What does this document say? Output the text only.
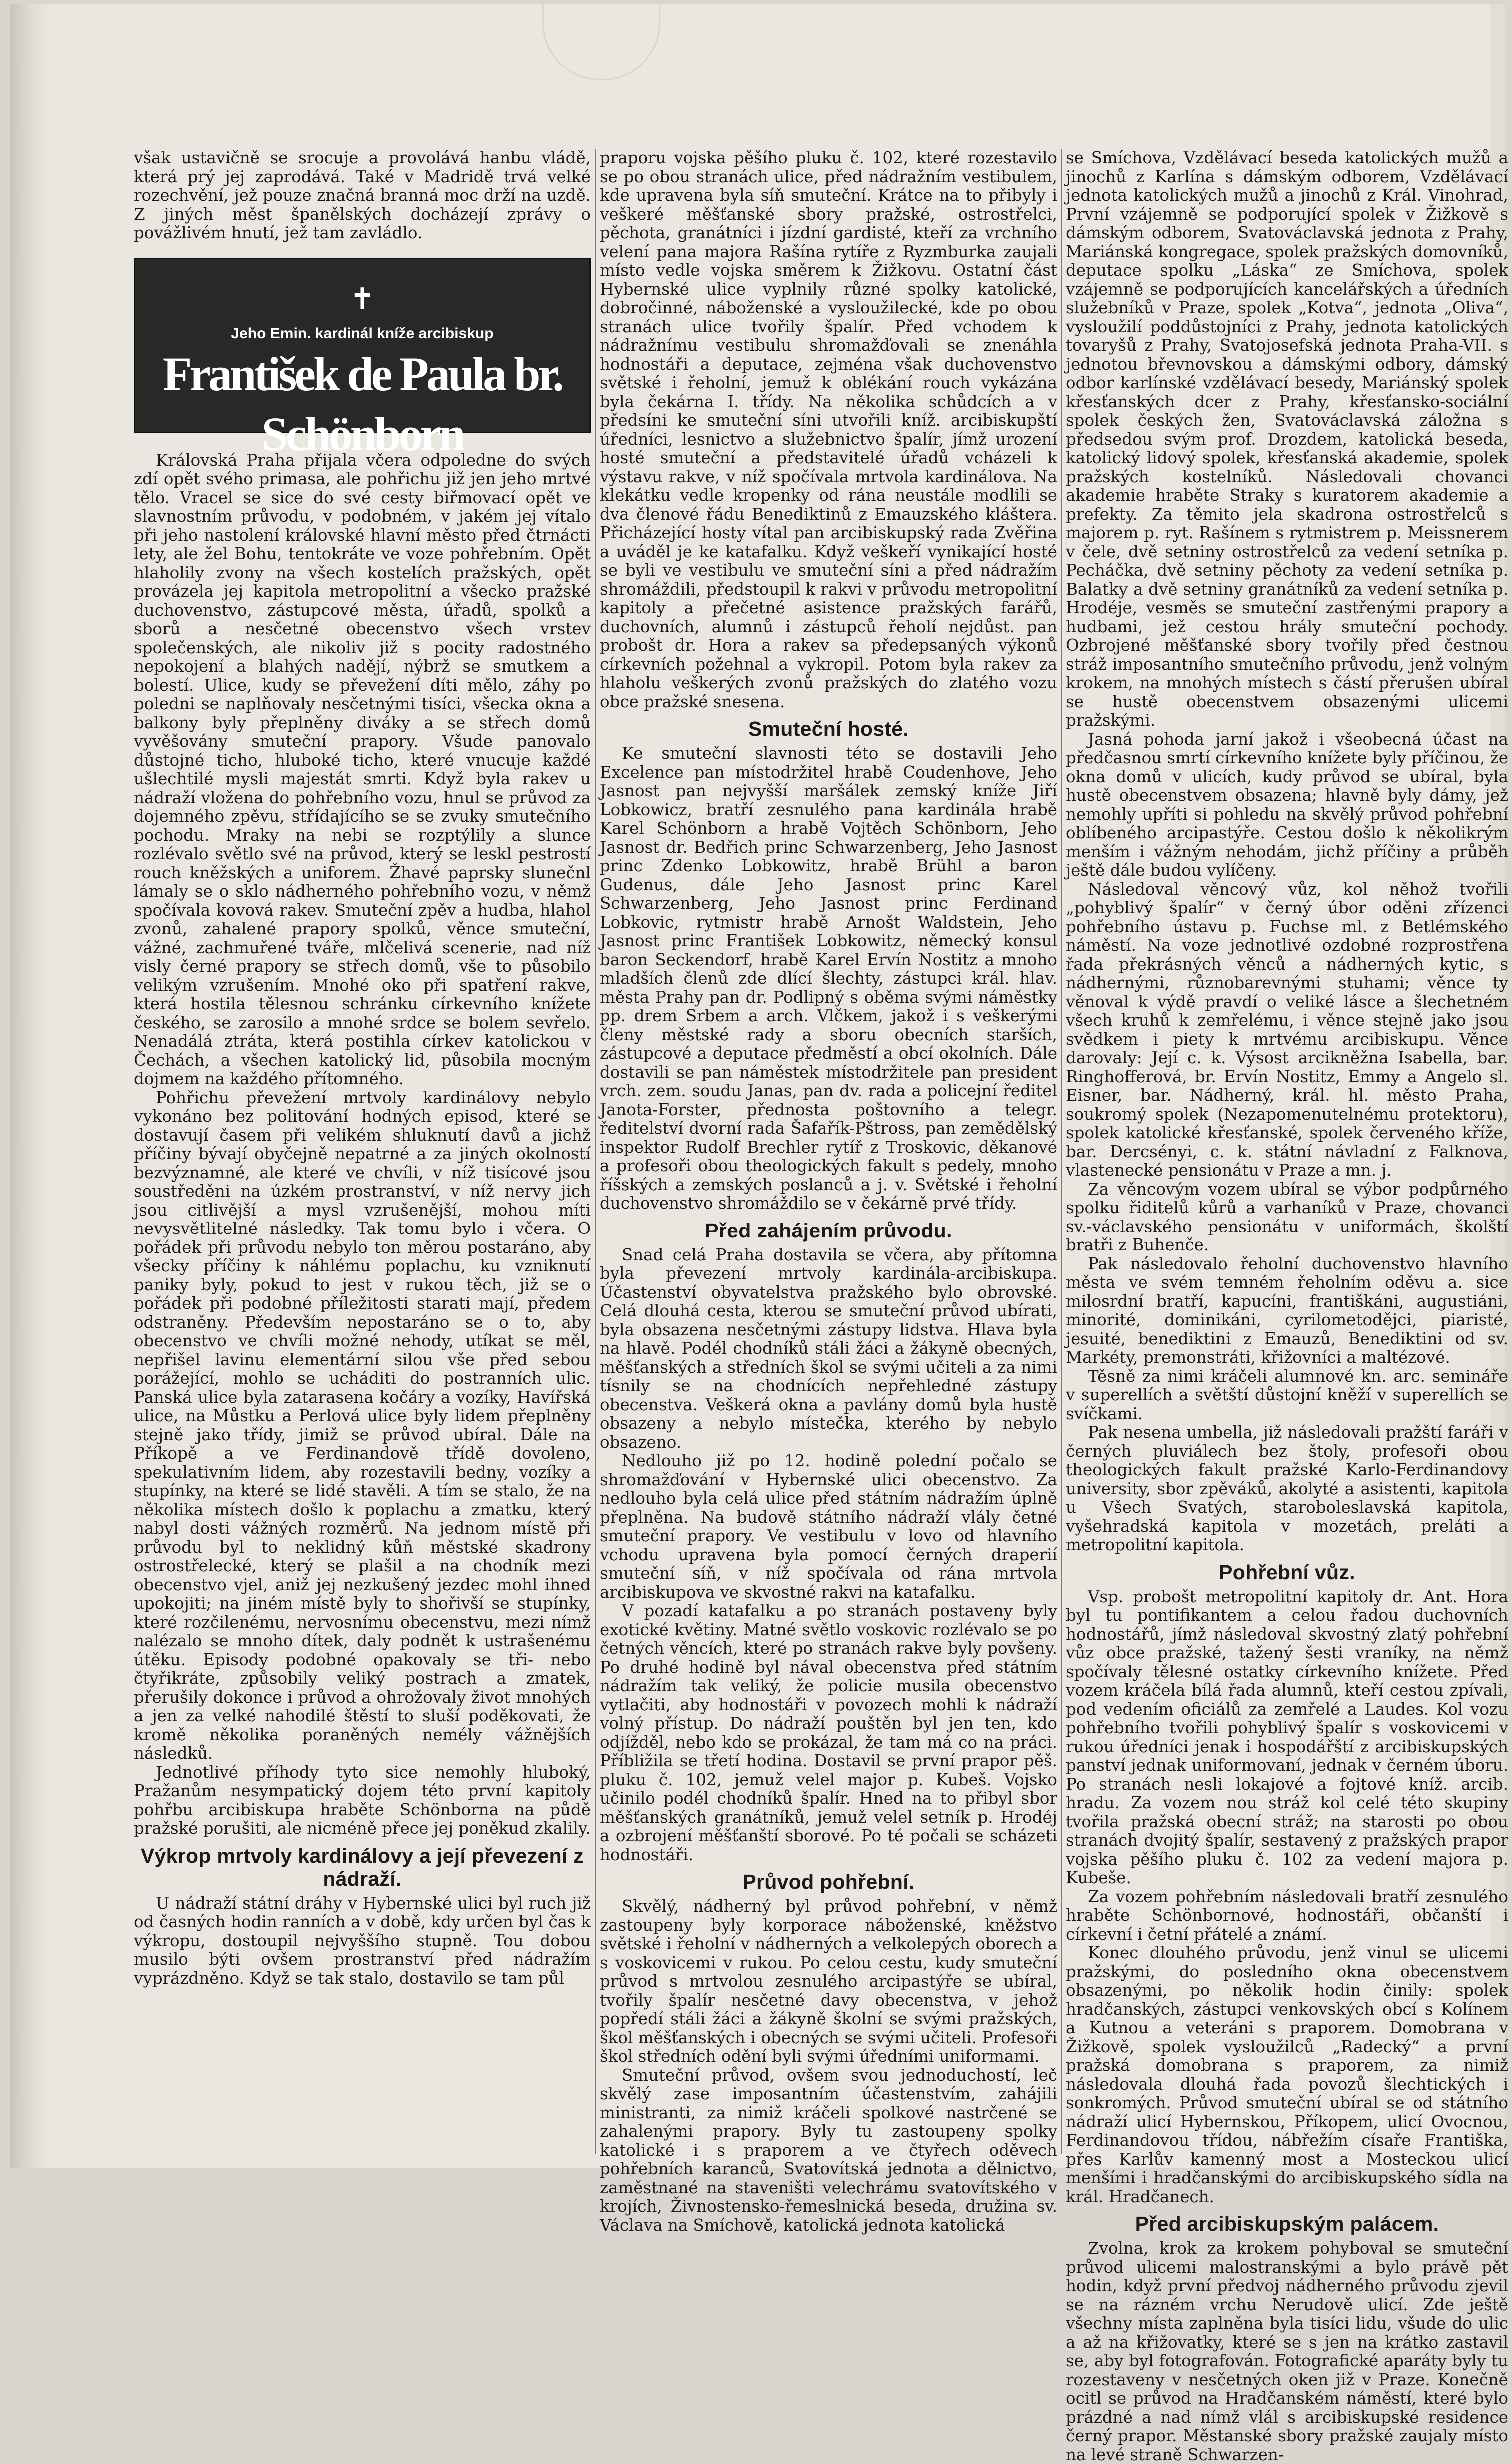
však ustavičně se srocuje a provolává hanbu vládě, která prý jej zaprodává. Také v Madridě trvá velké rozechvění, jež pouze značná branná moc drží na uzdě. Z jiných měst španělských docházejí zprávy o povážlivém hnutí, jež tam zavládlo.

✝
Jeho Emin. kardinál kníže arcibiskup
František de Paula br. Schönborn

Královská Praha přijala včera odpoledne do svých zdí opět svého primasa, ale pohřichu již jen jeho mrtvé tělo. Vracel se sice do své cesty biřmovací opět ve slavnostním průvodu, v podobném, v jakém jej vítalo při jeho nastolení královské hlavní město před čtrnácti lety, ale žel Bohu, tentokráte ve voze pohřebním. Opět hlaholily zvony na všech kostelích pražských, opět provázela jej kapitola metropolitní a všecko pražské duchovenstvo, zástupcové města, úřadů, spolků a sborů a nesčetné obecenstvo všech vrstev společenských, ale nikoliv již s pocity radostného nepokojení a blahých nadějí, nýbrž se smutkem a bolestí. Ulice, kudy se převežení díti mělo, záhy po poledni se naplňovaly nesčetnými tisíci, všecka okna a balkony byly přeplněny diváky a se střech domů vyvěšovány smuteční prapory. Všude panovalo důstojné ticho, hluboké ticho, které vnucuje každé ušlechtilé mysli majestát smrti. Když byla rakev u nádraží vložena do pohřebního vozu, hnul se průvod za dojemného zpěvu, střídajícího se se zvuky smutečního pochodu. Mraky na nebi se rozptýlily a slunce rozlévalo světlo své na průvod, který se leskl pestrostí rouch kněžských a uniforem. Žhavé paprsky slunečnl lámaly se o sklo nádherného pohřebního vozu, v němž spočívala kovová rakev. Smuteční zpěv a hudba, hlahol zvonů, zahalené prapory spolků, věnce smuteční, vážné, zachmuřené tváře, mlčelivá scenerie, nad níž visly černé prapory se střech domů, vše to působilo velikým vzrušením. Mnohé oko při spatření rakve, která hostila tělesnou schránku církevního knížete českého, se zarosilo a mnohé srdce se bolem sevřelo. Nenadálá ztráta, která postihla církev katolickou v Čechách, a všechen katolický lid, působila mocným dojmem na každého přítomného.

Pohřichu převežení mrtvoly kardinálovy nebylo vykonáno bez politování hodných episod, které se dostavují časem při velikém shluknutí davů a jichž příčiny bývají obyčejně nepatrné a za jiných okolností bezvýznamné, ale které ve chvíli, v níž tisícové jsou soustředěni na úzkém prostranství, v níž nervy jich jsou citlivější a mysl vzrušenější, mohou míti nevysvětlitelné následky. Tak tomu bylo i včera. O pořádek při průvodu nebylo ton měrou postaráno, aby všecky příčiny k náhlému poplachu, ku vzniknutí paniky byly, pokud to jest v rukou těch, již se o pořádek při podobné příležitosti starati mají, předem odstraněny. Především nepostaráno se o to, aby obecenstvo ve chvíli možné nehody, utíkat se měl, nepřišel lavinu elementární silou vše před sebou porážející, mohlo se ucháditi do postranních ulic. Panská ulice byla zatarasena kočáry a vozíky, Havířská ulice, na Můstku a Perlová ulice byly lidem přeplněny stejně jako třídy, jimiž se průvod ubíral. Dále na Příkopě a ve Ferdinandově třídě dovoleno, spekulativním lidem, aby rozestavili bedny, vozíky a stupínky, na které se lidé stavěli. A tím se stalo, že na několika místech došlo k poplachu a zmatku, který nabyl dosti vážných rozměrů. Na jednom místě při průvodu byl to neklidný kůň městské skadrony ostrostřelecké, který se plašil a na chodník mezi obecenstvo vjel, aniž jej nezkušený jezdec mohl ihned upokojiti; na jiném místě byly to shořivší se stupínky, které rozčilenému, nervosnímu obecenstvu, mezi nímž nalézalo se mnoho dítek, daly podnět k ustrašenému útěku. Episody podobné opakovaly se tři- nebo čtyřikráte, způsobily veliký postrach a zmatek, přerušily dokonce i průvod a ohrožovaly život mnohých a jen za velké nahodilé štěstí to sluší poděkovati, že kromě několika poraněných nemély vážnějších následků.

Jednotlivé příhody tyto sice nemohly hluboký, Pražanům nesympatický dojem této první kapitoly pohřbu arcibiskupa hraběte Schönborna na půdě pražské porušiti, ale nicméně přece jej poněkud zkalily.

Výkrop mrtvoly kardinálovy a její převezení z nádraží.

U nádraží státní dráhy v Hybernské ulici byl ruch již od časných hodin ranních a v době, kdy určen byl čas k výkropu, dostoupil nejvyššího stupně. Tou dobou musilo býti ovšem prostranství před nádražím vyprázdněno. Když se tak stalo, dostavilo se tam půl

praporu vojska pěšího pluku č. 102, které rozestavilo se po obou stranách ulice, před nádražním vestibulem, kde upravena byla síň smuteční. Krátce na to přibyly i veškeré měšťanské sbory pražské, ostrostřelci, pěchota, granátníci i jízdní gardisté, kteří za vrchního velení pana majora Rašína rytíře z Ryzmburka zaujali místo vedle vojska směrem k Žižkovu. Ostatní část Hybernské ulice vyplnily různé spolky katolické, dobročinné, náboženské a vysloužilecké, kde po obou stranách ulice tvořily špalír. Před vchodem k nádražnímu vestibulu shromažďovali se znenáhla hodnostáři a deputace, zejména však duchovenstvo světské i řeholní, jemuž k oblékání rouch vykázána byla čekárna I. třídy. Na několika schůdcích a v předsíni ke smuteční síni utvořili kníž. arcibiskupští úředníci, lesnictvo a služebnictvo špalír, jímž urození hosté smuteční a představitelé úřadů vcházeli k výstavu rakve, v níž spočívala mrtvola kardinálova. Na klekátku vedle kropenky od rána neustále modlili se dva členové řádu Benediktinů z Emauzského kláštera. Přicházející hosty vítal pan arcibiskupský rada Zvěřina a uváděl je ke katafalku. Když veškeří vynikající hosté se byli ve vestibulu ve smuteční síni a před nádražím shromáždili, předstoupil k rakvi v průvodu metropolitní kapitoly a přečetné asistence pražských farářů, duchovních, alumnů i zástupců řeholí nejdůst. pan probošt dr. Hora a rakev sa předepsaných výkonů církevních požehnal a vykropil. Potom byla rakev za hlaholu veškerých zvonů pražských do zlatého vozu obce pražské snesena.

Smuteční hosté.

Ke smuteční slavnosti této se dostavili Jeho Excelence pan místodržitel hrabě Coudenhove, Jeho Jasnost pan nejvyšší maršálek zemský kníže Jiří Lobkowicz, bratří zesnulého pana kardinála hrabě Karel Schönborn a hrabě Vojtěch Schönborn, Jeho Jasnost dr. Bedřich princ Schwarzenberg, Jeho Jasnost princ Zdenko Lobkowitz, hrabě Brühl a baron Gudenus, dále Jeho Jasnost princ Karel Schwarzenberg, Jeho Jasnost princ Ferdinand Lobkovic, rytmistr hrabě Arnošt Waldstein, Jeho Jasnost princ František Lobkowitz, německý konsul baron Seckendorf, hrabě Karel Ervín Nostitz a mnoho mladších členů zde dlící šlechty, zástupci král. hlav. města Prahy pan dr. Podlipný s oběma svými náměstky pp. drem Srbem a arch. Vlčkem, jakož i s veškerými členy městské rady a sboru obecních starších, zástupcové a deputace předměstí a obcí okolních. Dále dostavili se pan náměstek místodržitele pan president vrch. zem. soudu Janas, pan dv. rada a policejní ředitel Janota-Forster, přednosta poštovního a telegr. ředitelství dvorní rada Šafařík-Pštross, pan zemědělský inspektor Rudolf Brechler rytíř z Troskovic, děkanové a profesoři obou theologických fakult s pedely, mnoho říšských a zemských poslanců a j. v. Světské i řeholní duchovenstvo shromáždilo se v čekárně prvé třídy.

Před zahájením průvodu.

Snad celá Praha dostavila se včera, aby přítomna byla převezení mrtvoly kardinála-arcibiskupa. Účastenství obyvatelstva pražského bylo obrovské. Celá dlouhá cesta, kterou se smuteční průvod ubírati, byla obsazena nesčetnými zástupy lidstva. Hlava byla na hlavě. Podél chodníků stáli žáci a žákyně obecných, měšťanských a středních škol se svými učiteli a za nimi tísnily se na chodnících nepřehledné zástupy obecenstva. Veškerá okna a pavlány domů byla hustě obsazeny a nebylo místečka, kterého by nebylo obsazeno.

Nedlouho již po 12. hodině polední počalo se shromažďování v Hybernské ulici obecenstvo. Za nedlouho byla celá ulice před státním nádražím úplně přeplněna. Na budově státního nádraží vlály četné smuteční prapory. Ve vestibulu v lovo od hlavního vchodu upravena byla pomocí černých draperií smuteční síň, v níž spočívala od rána mrtvola arcibiskupova ve skvostné rakvi na katafalku.

V pozadí katafalku a po stranách postaveny byly exotické květiny. Matné světlo voskovic rozlévalo se po četných věncích, které po stranách rakve byly povšeny. Po druhé hodině byl nával obecenstva před státním nádražím tak veliký, že policie musila obecenstvo vytlačiti, aby hodnostáři v povozech mohli k nádraží volný přístup. Do nádraží pouštěn byl jen ten, kdo odjížděl, nebo kdo se prokázal, že tam má co na práci. Příbližila se třetí hodina. Dostavil se první prapor pěš. pluku č. 102, jemuž velel major p. Kubeš. Vojsko učinilo podél chodníků špalír. Hned na to přibyl sbor měšťanských granátníků, jemuž velel setník p. Hrodéj a ozbrojení měšťanští sborové. Po té počali se scházeti hodnostáři.

Průvod pohřební.

Skvělý, nádherný byl průvod pohřební, v němž zastoupeny byly korporace náboženské, kněžstvo světské i řeholní v nádherných a velkolepých oborech a s voskovicemi v rukou. Po celou cestu, kudy smuteční průvod s mrtvolou zesnulého arcipastýře se ubíral, tvořily špalír nesčetné davy obecenstva, v jehož popředí stáli žáci a žákyně školní se svými pražských, škol měšťanských i obecných se svými učiteli. Profesoři škol středních odění byli svými úředními uniformami.

Smuteční průvod, ovšem svou jednoduchostí, leč skvělý zase imposantním účastenstvím, zahájili ministranti, za nimiž kráčeli spolkové nastrčené se zahalenými prapory. Byly tu zastoupeny spolky katolické i s praporem a ve čtyřech oděvech pohřebních karanců, Svatovítská jednota a dělnictvo, zaměstnané na staveništi velechrámu svatovítského v krojích, Živnostensko-řemeslnická beseda, družina sv. Václava na Smíchově, katolická jednota katolická

se Smíchova, Vzdělávací beseda katolických mužů a jinochů z Karlína s dámským odborem, Vzdělávací jednota katolických mužů a jinochů z Král. Vinohrad, První vzájemně se podporující spolek v Žižkově s dámským odborem, Svatováclavská jednota z Prahy, Mariánská kongregace, spolek pražských domovníků, deputace spolku „Láska“ ze Smíchova, spolek vzájemně se podporujících kancelářských a úředních služebníků v Praze, spolek „Kotva“, jednota „Oliva“, vysloužilí poddůstojníci z Prahy, jednota katolických tovaryšů z Prahy, Svatojosefská jednota Praha-VII. s jednotou břevnovskou a dámskými odbory, dámský odbor karlínské vzdělávací besedy, Mariánský spolek křesťanských dcer z Prahy, křesťansko-sociální spolek českých žen, Svatováclavská záložna s předsedou svým prof. Drozdem, katolická beseda, katolický lidový spolek, křesťanská akademie, spolek pražských kostelníků. Následovali chovanci akademie hraběte Straky s kuratorem akademie a prefekty. Za těmito jela skadrona ostrostřelců s majorem p. ryt. Rašínem s rytmistrem p. Meissnerem v čele, dvě setniny ostrostřelců za vedení setníka p. Pecháčka, dvě setniny pěchoty za vedení setníka p. Balatky a dvě setniny granátníků za vedení setníka p. Hrodéje, vesměs se smuteční zastřenými prapory a hudbami, jež cestou hrály smuteční pochody. Ozbrojené měšťanské sbory tvořily před čestnou stráž imposantního smutečního průvodu, jenž volným krokem, na mnohých místech s částí přerušen ubíral se hustě obecenstvem obsazenými ulicemi pražskými.

Jasná pohoda jarní jakož i všeobecná účast na předčasnou smrtí církevního knížete byly příčinou, že okna domů v ulicích, kudy průvod se ubíral, byla hustě obecenstvem obsazena; hlavně byly dámy, jež nemohly upříti si pohledu na skvělý průvod pohřební oblíbeného arcipastýře. Cestou došlo k několikrým menším i vážným nehodám, jichž příčiny a průběh ještě dále budou vylíčeny.

Následoval věncový vůz, kol něhož tvořili „pohyblivý špalír“ v černý úbor oděni zřízenci pohřebního ústavu p. Fuchse ml. z Betlémského náměstí. Na voze jednotlivé ozdobné rozprostřena řada překrásných věnců a nádherných kytic, s nádhernými, různobarevnými stuhami; věnce ty věnoval k výdě pravdí o veliké lásce a šlechetném všech kruhů k zemřelému, i věnce stejně jako jsou svědkem i piety k mrtvému arcibiskupu. Věnce darovaly: Její c. k. Výsost arcikněžna Isabella, bar. Ringhofferová, br. Ervín Nostitz, Emmy a Angelo sl. Eisner, bar. Nádherný, král. hl. město Praha, soukromý spolek (Nezapomenutelnému protektoru), spolek katolické křesťanské, spolek červeného kříže, bar. Dercsényi, c. k. státní návladní z Falknova, vlastenecké pensionátu v Praze a mn. j.

Za věncovým vozem ubíral se výbor podpůrného spolku řiditelů kůrů a varhaníků v Praze, chovanci sv.-václavského pensionátu v uniformách, školští bratři z Buhenče.

Pak následovalo řeholní duchovenstvo hlavního města ve svém temném řeholním oděvu a. sice milosrdní bratří, kapucíni, františkáni, augustiáni, minorité, dominikáni, cyrilometodějci, piaristé, jesuité, benediktini z Emauzů, Benediktini od sv. Markéty, premonstráti, křižovníci a maltézové.

Těsně za nimi kráčeli alumnové kn. arc. semináře v superellích a světští důstojní kněží v superellích se svíčkami.

Pak nesena umbella, již následovali pražští faráři v černých pluviálech bez štoly, profesoři obou theologických fakult pražské Karlo-Ferdinandovy university, sbor zpěváků, akolyté a asistenti, kapitola u Všech Svatých, staroboleslavská kapitola, vyšehradská kapitola v mozetách, preláti a metropolitní kapitola.

Pohřební vůz.

Vsp. probošt metropolitní kapitoly dr. Ant. Hora byl tu pontifikantem a celou řadou duchovních hodnostářů, jímž následoval skvostný zlatý pohřební vůz obce pražské, tažený šesti vraníky, na němž spočívaly tělesné ostatky církevního knížete. Před vozem kráčela bílá řada alumnů, kteří cestou zpívali, pod vedením oficiálů za zemřelé a Laudes. Kol vozu pohřebního tvořili pohyblivý špalír s voskovicemi v rukou úředníci jenak i hospodářští z arcibiskupských panství jednak uniformovaní, jednak v černém úboru. Po stranách nesli lokajové a fojtové kníž. arcib. hradu. Za vozem nou stráž kol celé této skupiny tvořila pražská obecní stráž; na starosti po obou stranách dvojitý špalír, sestavený z pražských prapor vojska pěšího pluku č. 102 za vedení majora p. Kubeše.

Za vozem pohřebním následovali bratří zesnulého hraběte Schönbornové, hodnostáři, občanští i církevní i četní přátelé a známí.

Konec dlouhého průvodu, jenž vinul se ulicemi pražskými, do posledního okna obecenstvem obsazenými, po několik hodin činily: spolek hradčanských, zástupci venkovských obcí s Kolínem a Kutnou a veteráni s praporem. Domobrana v Žižkově, spolek vysloužilců „Radecký“ a první pražská domobrana s praporem, za nimiž následovala dlouhá řada povozů šlechtických i sonkromých. Průvod smuteční ubíral se od státního nádraží ulicí Hybernskou, Příkopem, ulicí Ovocnou, Ferdinandovou třídou, nábřežím císaře Františka, přes Karlův kamenný most a Mosteckou ulicí menšími i hradčanskými do arcibiskupského sídla na král. Hradčanech.

Před arcibiskupským palácem.

Zvolna, krok za krokem pohyboval se smuteční průvod ulicemi malostranskými a bylo právě pět hodin, když první předvoj nádherného průvodu zjevil se na rázném vrchu Nerudově ulicí. Zde ještě všechny místa zaplněna byla tisíci lidu, všude do ulic a až na křižovatky, které se s jen na krátko zastavil se, aby byl fotografován. Fotografické aparáty byly tu rozestaveny v nesčetných oken již v Praze. Konečně ocitl se průvod na Hradčanském náměstí, které bylo prázdné a nad nímž vlál s arcibiskupské residence černý prapor. Městanské sbory pražské zaujaly místo na levé straně Schwarzen-
